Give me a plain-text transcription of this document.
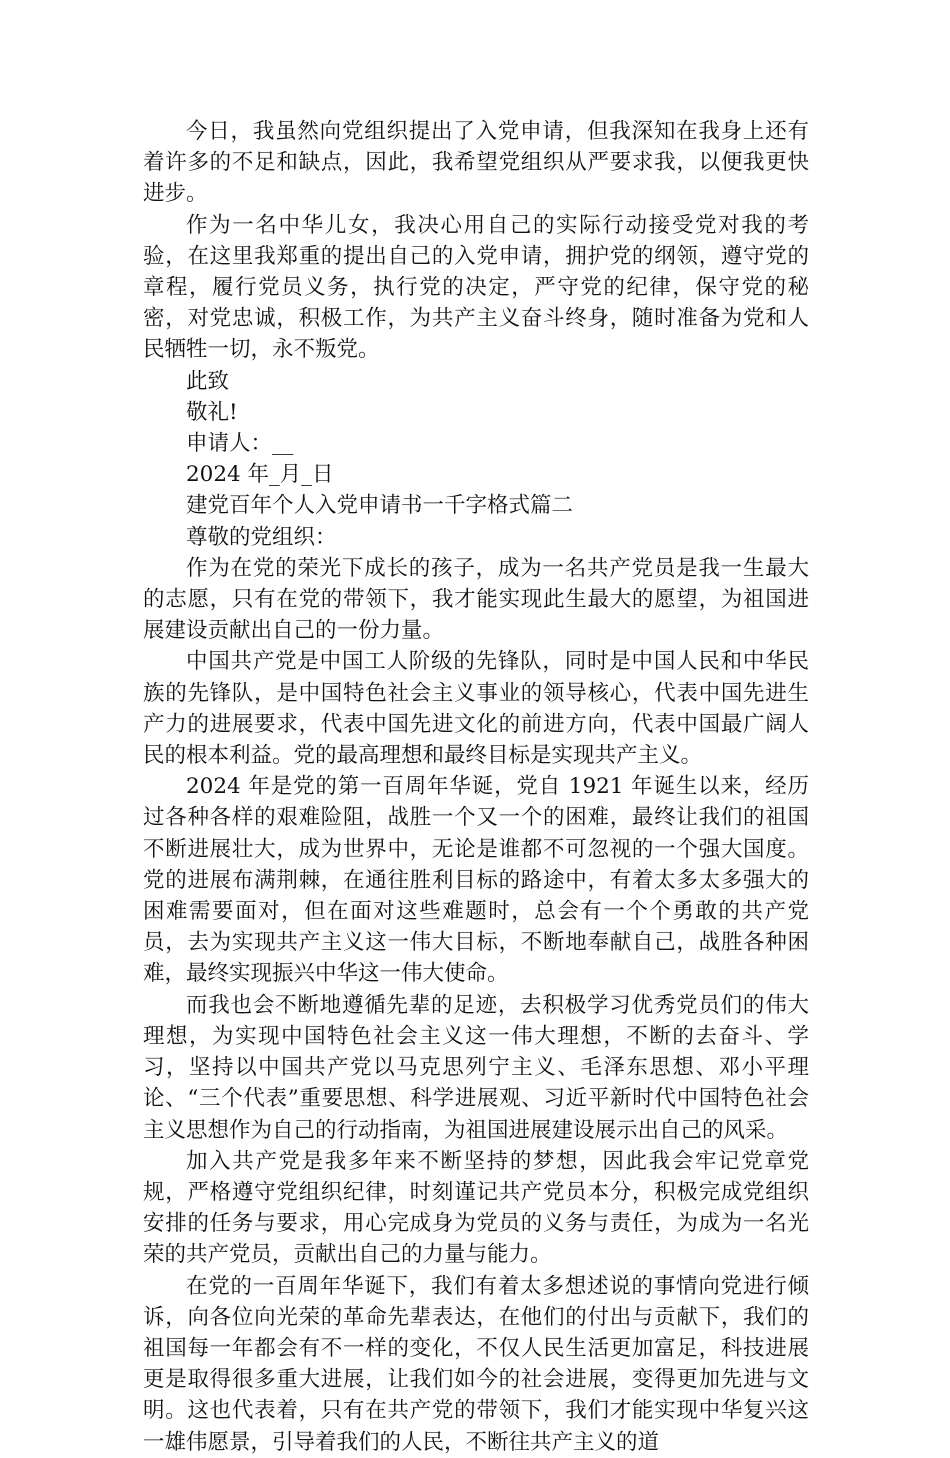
今日，我虽然向党组织提出了入党申请，但我深知在我身上还有着许多的不足和缺点，因此，我希望党组织从严要求我，以便我更快进步。

作为一名中华儿女，我决心用自己的实际行动接受党对我的考验，在这里我郑重的提出自己的入党申请，拥护党的纲领，遵守党的章程，履行党员义务，执行党的决定，严守党的纪律，保守党的秘密，对党忠诚，积极工作，为共产主义奋斗终身，随时准备为党和人民牺牲一切，永不叛党。

此致

敬礼!

申请人：__

2024 年_月_日

建党百年个人入党申请书一千字格式篇二

尊敬的党组织：

作为在党的荣光下成长的孩子，成为一名共产党员是我一生最大的志愿，只有在党的带领下，我才能实现此生最大的愿望，为祖国进展建设贡献出自己的一份力量。

中国共产党是中国工人阶级的先锋队，同时是中国人民和中华民族的先锋队，是中国特色社会主义事业的领导核心，代表中国先进生产力的进展要求，代表中国先进文化的前进方向，代表中国最广阔人民的根本利益。党的最高理想和最终目标是实现共产主义。

2024 年是党的第一百周年华诞，党自 1921 年诞生以来，经历过各种各样的艰难险阻，战胜一个又一个的困难，最终让我们的祖国不断进展壮大，成为世界中，无论是谁都不可忽视的一个强大国度。党的进展布满荆棘，在通往胜利目标的路途中，有着太多太多强大的困难需要面对，但在面对这些难题时，总会有一个个勇敢的共产党员，去为实现共产主义这一伟大目标，不断地奉献自己，战胜各种困难，最终实现振兴中华这一伟大使命。

而我也会不断地遵循先辈的足迹，去积极学习优秀党员们的伟大理想，为实现中国特色社会主义这一伟大理想，不断的去奋斗、学习，坚持以中国共产党以马克思列宁主义、毛泽东思想、邓小平理论、“三个代表”重要思想、科学进展观、习近平新时代中国特色社会主义思想作为自己的行动指南，为祖国进展建设展示出自己的风采。

加入共产党是我多年来不断坚持的梦想，因此我会牢记党章党规，严格遵守党组织纪律，时刻谨记共产党员本分，积极完成党组织安排的任务与要求，用心完成身为党员的义务与责任，为成为一名光荣的共产党员，贡献出自己的力量与能力。

在党的一百周年华诞下，我们有着太多想述说的事情向党进行倾诉，向各位向光荣的革命先辈表达，在他们的付出与贡献下，我们的祖国每一年都会有不一样的变化，不仅人民生活更加富足，科技进展更是取得很多重大进展，让我们如今的社会进展，变得更加先进与文明。这也代表着，只有在共产党的带领下，我们才能实现中华复兴这一雄伟愿景，引导着我们的人民，不断往共产主义的道
